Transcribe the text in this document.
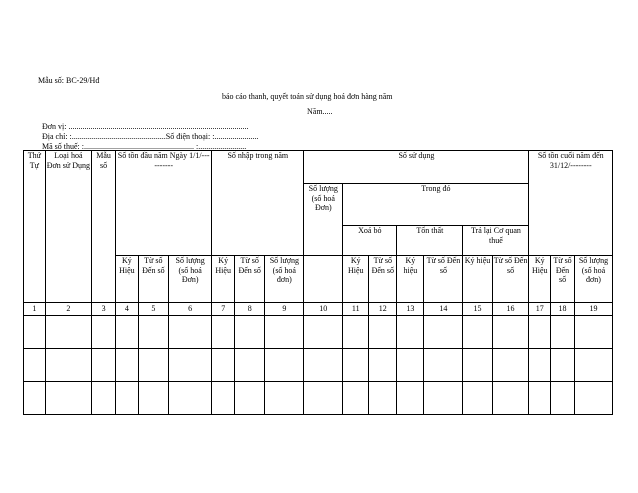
Mẫu số: BC-29/Hđ
báo cáo thanh, quyết toán sử dụng hoá đơn hàng năm
Năm.....
Đơn vị: ..........................................................................................
Địa chỉ: :...............................................Số điện thoại: :......................
Mã số thuế: :....................................................... :........................
Thứ Tự	Loại hoá Đơn sử Dụng	Mẫu số	Số tồn đầu năm Ngày 1/1/----------			Số nhập trong năm			Số sử dụng							Số tồn cuối năm đến 31/12/--------		
									Số lượng (số hoá Đơn)	Trong đó								
										Xoá bỏ		Tổn thất		Trả lại Cơ quan thuế				
			Ký Hiệu	Từ số Đến số	Số lượng (số hoá Đơn)	Ký Hiệu	Từ số Đến số	Số lượng (số hoá đơn)		Ký Hiệu	Từ số Đến số	Ký hiệu	Từ số Đến số	Ký hiệu	Từ số Đến số	Ký Hiệu	Từ số Đến số	Số lượng (số hoá đơn)
1	2	3	4	5	6	7	8	9	10	11	12	13	14	15	16	17	18	19
